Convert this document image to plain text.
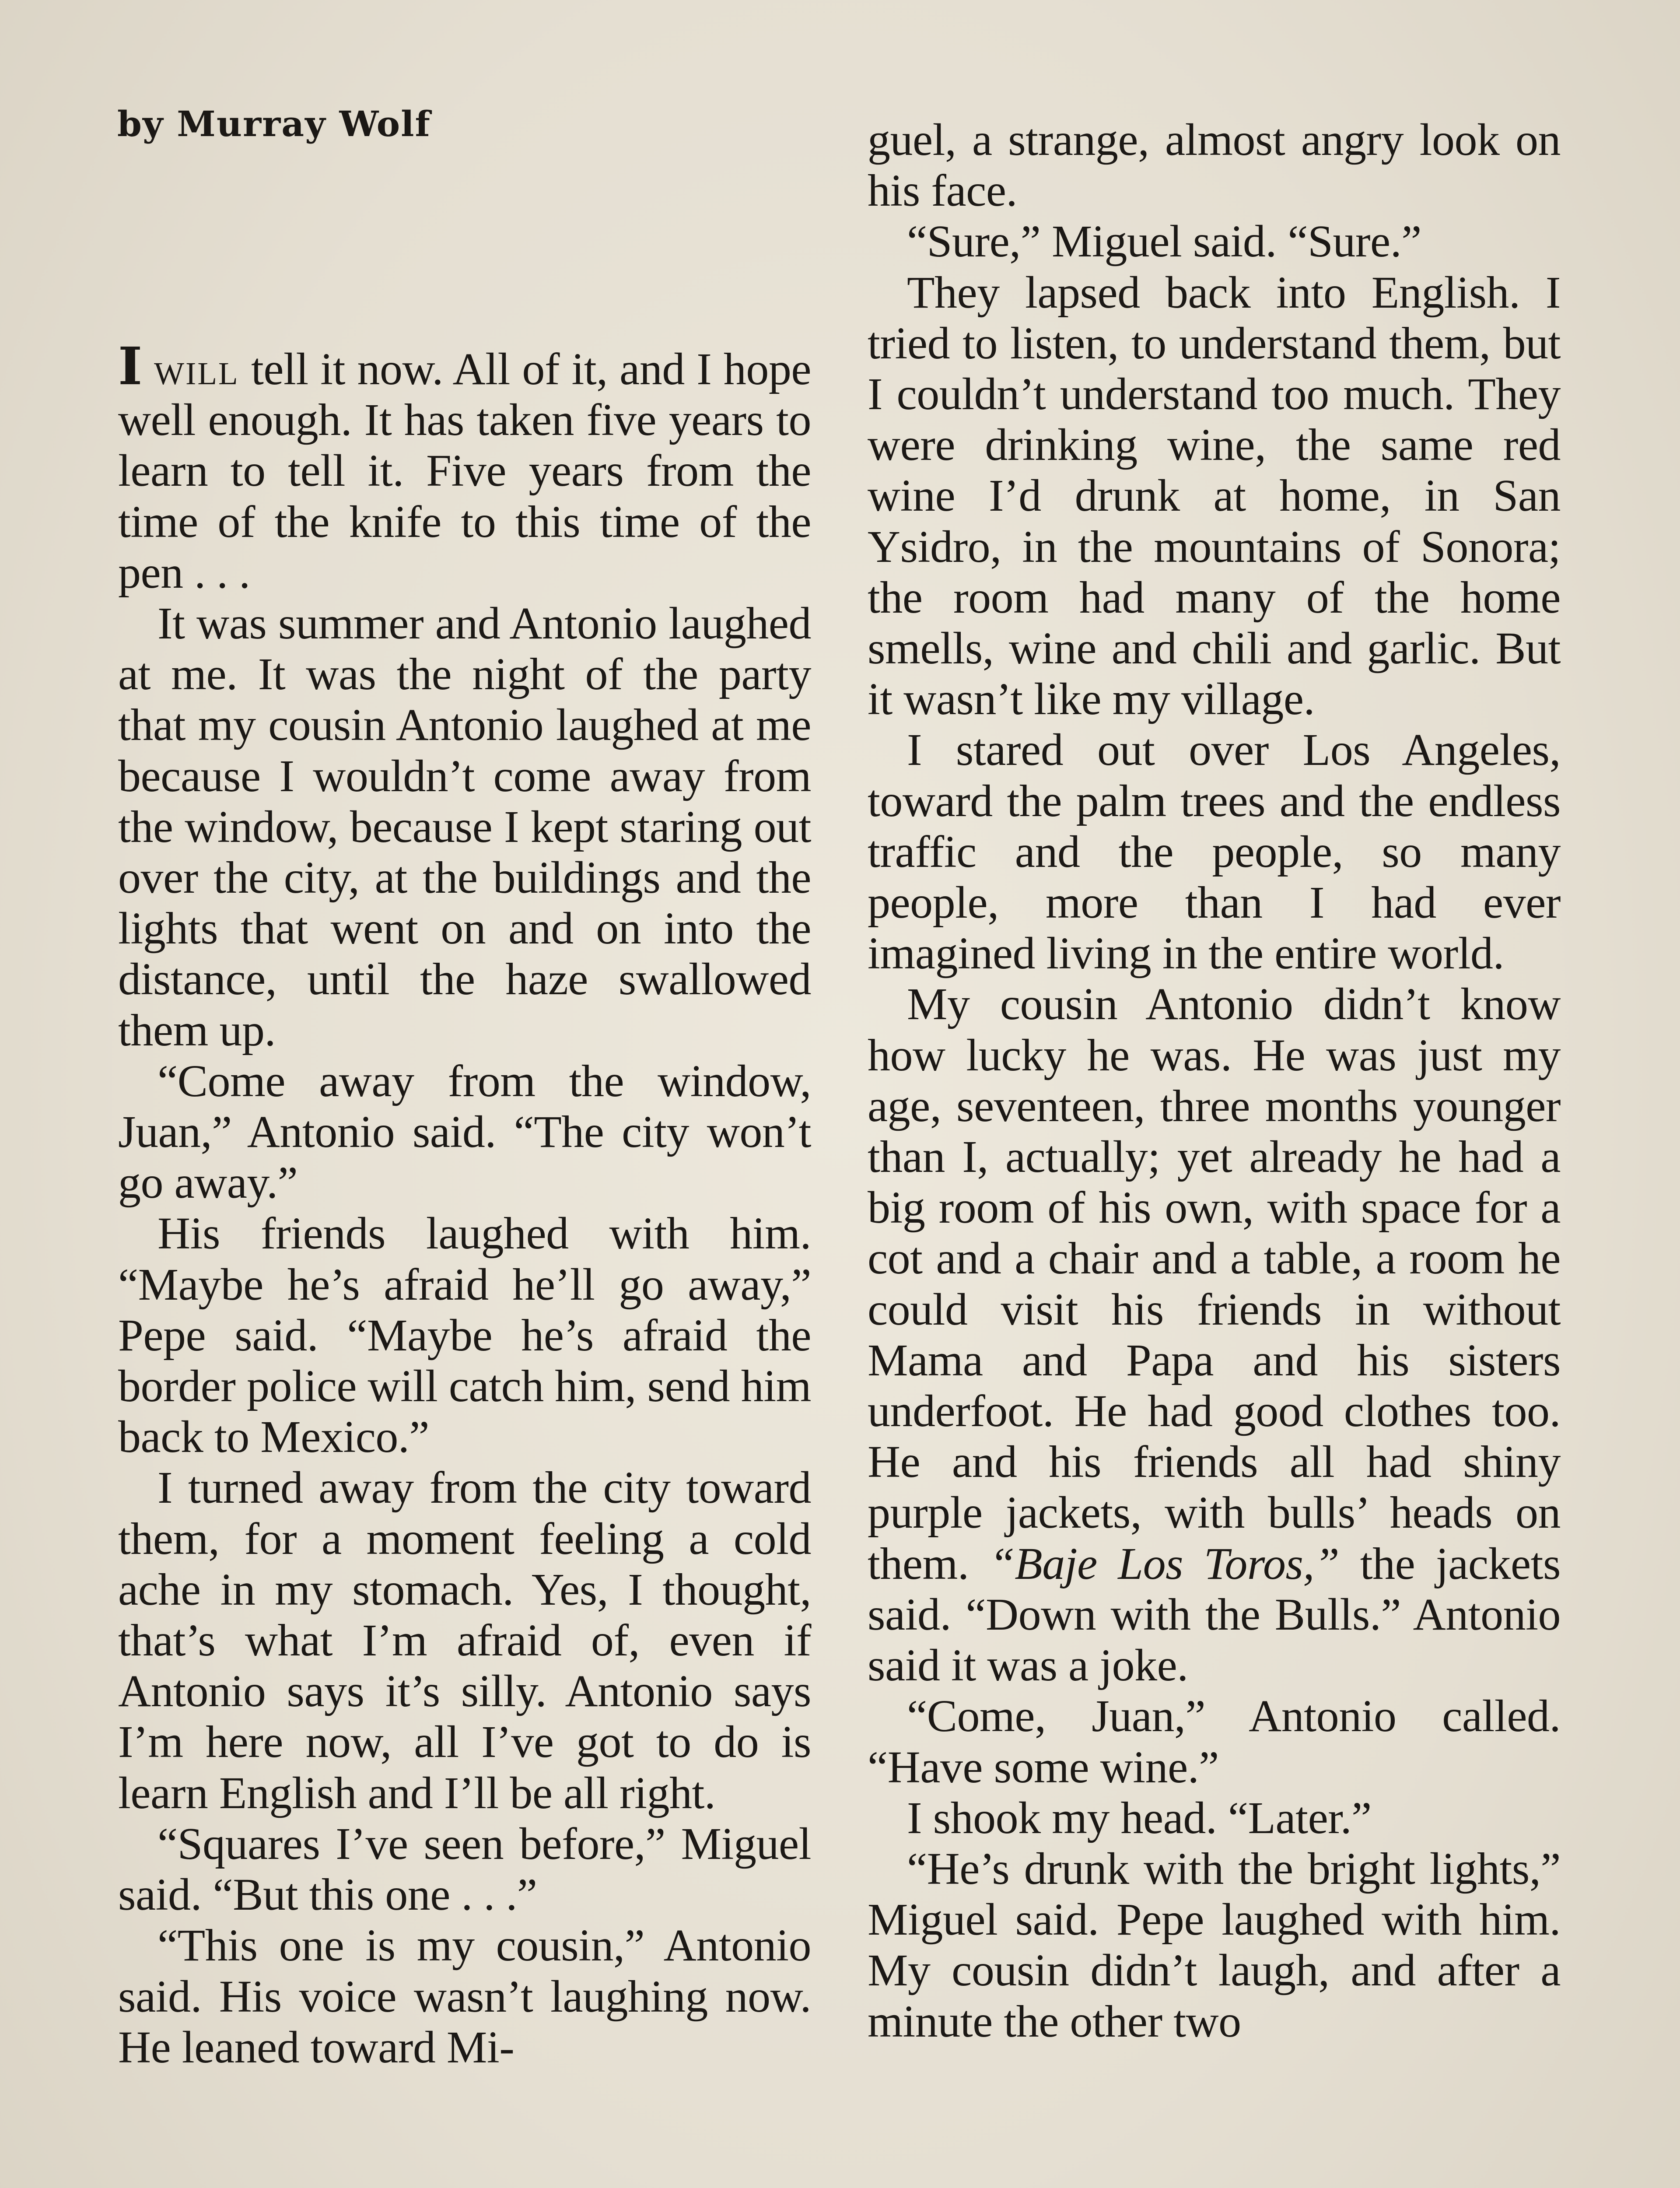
by Murray Wolf

I will tell it now. All of it, and I hope well enough. It has taken five years to learn to tell it. Five years from the time of the knife to this time of the pen . . .

It was summer and Antonio laughed at me. It was the night of the party that my cousin Antonio laughed at me because I wouldn’t come away from the window, because I kept staring out over the city, at the buildings and the lights that went on and on into the distance, until the haze swallowed them up.

“Come away from the window, Juan,” Antonio said. “The city won’t go away.”

His friends laughed with him. “Maybe he’s afraid he’ll go away,” Pepe said. “Maybe he’s afraid the border police will catch him, send him back to Mexico.”

I turned away from the city toward them, for a moment feeling a cold ache in my stomach. Yes, I thought, that’s what I’m afraid of, even if Antonio says it’s silly. Antonio says I’m here now, all I’ve got to do is learn English and I’ll be all right.

“Squares I’ve seen before,” Miguel said. “But this one . . .”

“This one is my cousin,” Antonio said. His voice wasn’t laughing now. He leaned toward Mi-

guel, a strange, almost angry look on his face.

“Sure,” Miguel said. “Sure.”

They lapsed back into English. I tried to listen, to understand them, but I couldn’t understand too much. They were drinking wine, the same red wine I’d drunk at home, in San Ysidro, in the mountains of Sonora; the room had many of the home smells, wine and chili and garlic. But it wasn’t like my village.

I stared out over Los Angeles, toward the palm trees and the endless traffic and the people, so many people, more than I had ever imagined living in the entire world.

My cousin Antonio didn’t know how lucky he was. He was just my age, seventeen, three months younger than I, actually; yet already he had a big room of his own, with space for a cot and a chair and a table, a room he could visit his friends in without Mama and Papa and his sisters underfoot. He had good clothes too. He and his friends all had shiny purple jackets, with bulls’ heads on them. “Baje Los Toros,” the jackets said. “Down with the Bulls.” Antonio said it was a joke.

“Come, Juan,” Antonio called. “Have some wine.”

I shook my head. “Later.”

“He’s drunk with the bright lights,” Miguel said. Pepe laughed with him. My cousin didn’t laugh, and after a minute the other two
